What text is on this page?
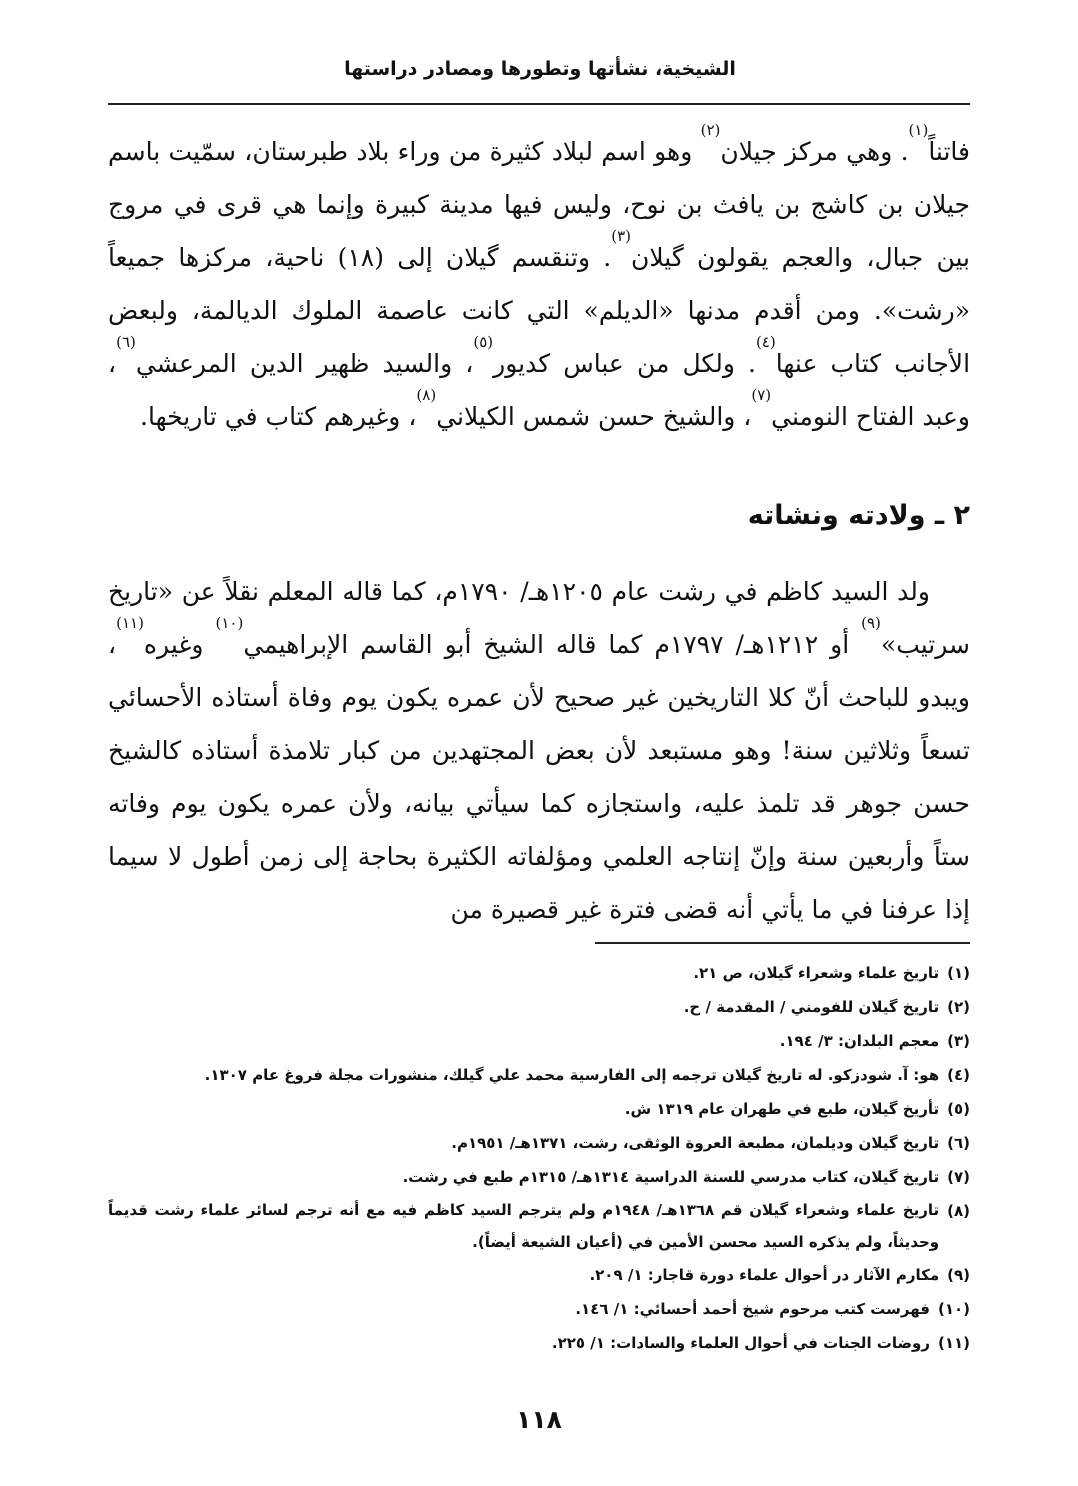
الشيخية، نشأتها وتطورها ومصادر دراستها

فاتناً$^{(١)}$. وهي مركز جيلان$^{(٢)}$ وهو اسم لبلاد كثيرة من وراء بلاد طبرستان، سمّيت باسم جيلان بن كاشج بن يافث بن نوح، وليس فيها مدينة كبيرة وإنما هي قرى في مروج بين جبال، والعجم يقولون گيلان$^{(٣)}$. وتنقسم گيلان إلى (١٨) ناحية، مركزها جميعاً «رشت». ومن أقدم مدنها «الديلم» التي كانت عاصمة الملوك الديالمة، ولبعض الأجانب كتاب عنها$^{(٤)}$. ولكل من عباس كديور$^{(٥)}$، والسيد ظهير الدين المرعشي$^{(٦)}$، وعبد الفتاح النومني$^{(٧)}$، والشيخ حسن شمس الكيلاني$^{(٨)}$، وغيرهم كتاب في تاريخها.

٢ ـ ولادته ونشاته

ولد السيد كاظم في رشت عام ١٢٠٥هـ/ ١٧٩٠م، كما قاله المعلم نقلاً عن «تاريخ سرتيب»$^{(٩)}$ أو ١٢١٢هـ/ ١٧٩٧م كما قاله الشيخ أبو القاسم الإبراهيمي$^{(١٠)}$ وغيره$^{(١١)}$، ويبدو للباحث أنّ كلا التاريخين غير صحيح لأن عمره يكون يوم وفاة أستاذه الأحسائي تسعاً وثلاثين سنة! وهو مستبعد لأن بعض المجتهدين من كبار تلامذة أستاذه كالشيخ حسن جوهر قد تلمذ عليه، واستجازه كما سيأتي بيانه، ولأن عمره يكون يوم وفاته ستاً وأربعين سنة وإنّ إنتاجه العلمي ومؤلفاته الكثيرة بحاجة إلى زمن أطول لا سيما إذا عرفنا في ما يأتي أنه قضى فترة غير قصيرة من

(١)
تاريخ علماء وشعراء گيلان، ص ٢١.
(٢)
تاريخ گيلان للفومني / المقدمة / ح.
(٣)
معجم البلدان: ٣/ ١٩٤.
(٤)
هو: آ. شودزكو. له تاريخ گيلان ترجمه إلى الفارسية محمد علي گيلك، منشورات مجلة فروغ عام ١٣٠٧.
(٥)
تأريخ گيلان، طبع في طهران عام ١٣١٩ ش.
(٦)
تاريخ گيلان وديلمان، مطبعة العروة الوثقى، رشت، ١٣٧١هـ/ ١٩٥١م.
(٧)
تاريخ گيلان، كتاب مدرسي للسنة الدراسية ١٣١٤هـ/ ١٣١٥م طبع في رشت.
(٨)
تاريخ علماء وشعراء گيلان قم ١٣٦٨هـ/ ١٩٤٨م ولم يترجم السيد كاظم فيه مع أنه ترجم لسائر علماء رشت قديماً وحديثاً، ولم يذكره السيد محسن الأمين في (أعيان الشيعة أيضاً).
(٩)
مكارم الآثار در أحوال علماء دورة قاجار: ١/ ٢٠٩.
(١٠)
فهرست كتب مرحوم شيخ أحمد أحسائي: ١/ ١٤٦.
(١١)
روضات الجنات في أحوال العلماء والسادات: ١/ ٢٢٥.
١١٨
